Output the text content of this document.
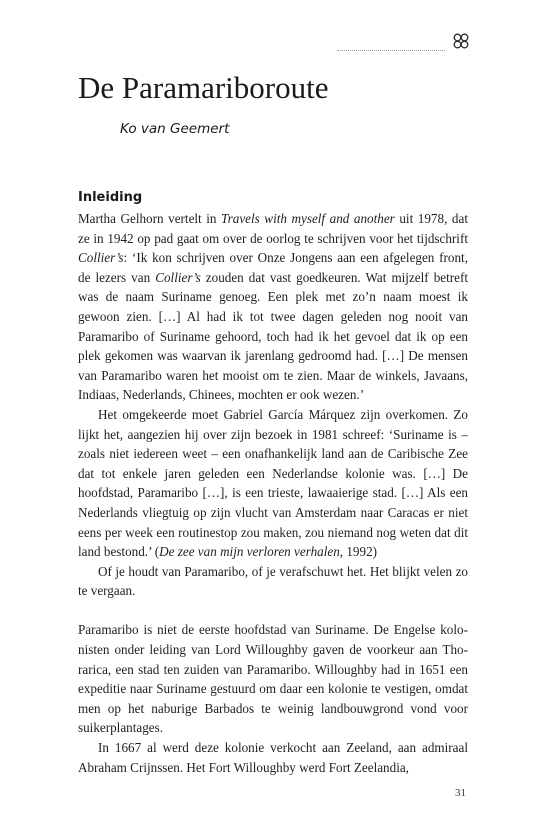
De Paramariboroute
Ko van Geemert
Inleiding

Martha Gelhorn vertelt in Travels with myself and another uit 1978, dat ze in 1942 op pad gaat om over de oorlog te schrijven voor het tijdschrift Collier’s: ‘Ik kon schrijven over Onze Jongens aan een afgelegen front, de lezers van Collier’s zouden dat vast goedkeuren. Wat mijzelf betreft was de naam Suriname genoeg. Een plek met zo’n naam moest ik gewoon zien. […] Al had ik tot twee dagen geleden nog nooit van Paramaribo of Suriname gehoord, toch had ik het gevoel dat ik op een plek gekomen was waarvan ik jarenlang gedroomd had. […] De mensen van Paramaribo waren het mooist om te zien. Maar de winkels, Javaans, Indiaas, Nederlands, Chinees, mochten er ook wezen.’

Het omgekeerde moet Gabriel García Márquez zijn overkomen. Zo lijkt het, aangezien hij over zijn bezoek in 1981 schreef: ‘Suriname is – zoals niet iedereen weet – een onafhankelijk land aan de Caribische Zee dat tot enkele jaren geleden een Nederlandse kolonie was. […] De hoofdstad, Paramaribo […], is een trieste, lawaaierige stad. […] Als een Nederlands vliegtuig op zijn vlucht van Amsterdam naar Caracas er niet eens per week een routinestop zou maken, zou niemand nog weten dat dit land bestond.’ (De zee van mijn verloren verhalen, 1992)

Of je houdt van Paramaribo, of je verafschuwt het. Het blijkt velen zo te vergaan.

Paramaribo is niet de eerste hoofdstad van Suriname. De Engelse kolonisten onder leiding van Lord Willoughby gaven de voorkeur aan Thorarica, een stad ten zuiden van Paramaribo. Willoughby had in 1651 een expeditie naar Suriname gestuurd om daar een kolonie te vestigen, omdat men op het naburige Barbados te weinig landbouwgrond vond voor suikerplantages.

In 1667 al werd deze kolonie verkocht aan Zeeland, aan admiraal Abraham Crijnssen. Het Fort Willoughby werd Fort Zeelandia,

31
